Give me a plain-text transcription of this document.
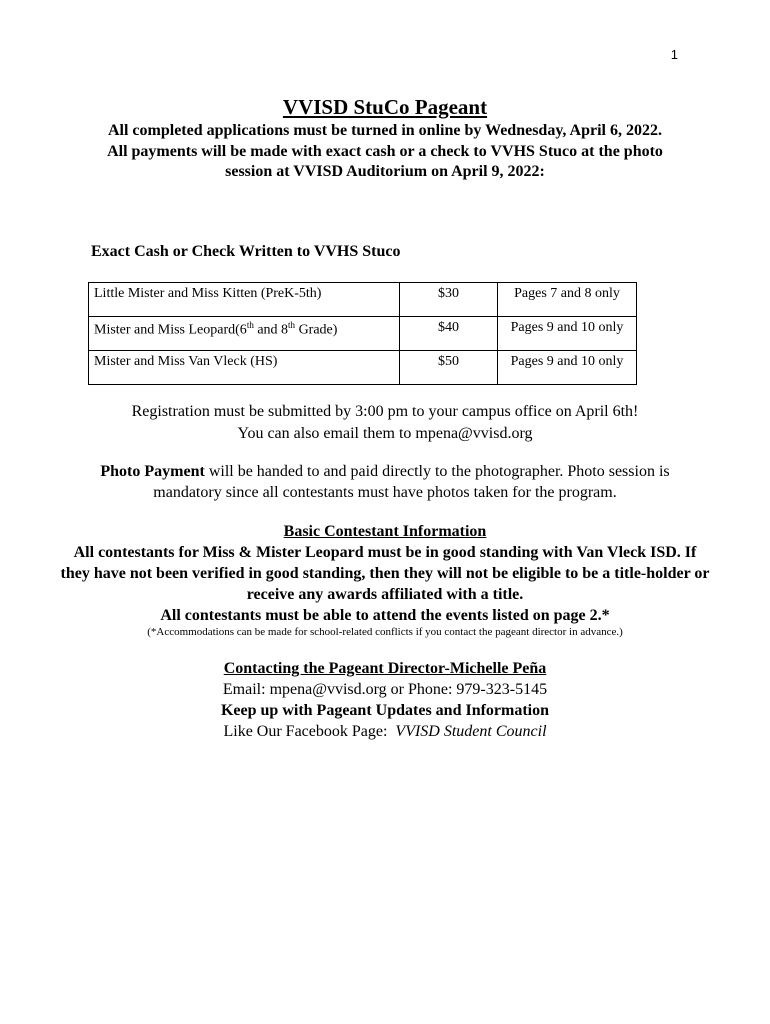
1
VVISD StuCo Pageant
All completed applications must be turned in online by Wednesday, April 6, 2022.
All payments will be made with exact cash or a check to VVHS Stuco at the photo session at VVISD Auditorium on April 9, 2022:
Exact Cash or Check Written to VVHS Stuco
Little Mister and Miss Kitten (PreK-5th)	$30	Pages 7 and 8 only
Mister and Miss Leopard(6th and 8th Grade)	$40	Pages 9 and 10 only
Mister and Miss Van Vleck (HS)	$50	Pages 9 and 10 only
Registration must be submitted by 3:00 pm to your campus office on April 6th!
You can also email them to mpena@vvisd.org
Photo Payment will be handed to and paid directly to the photographer. Photo session is mandatory since all contestants must have photos taken for the program.
Basic Contestant Information
All contestants for Miss & Mister Leopard must be in good standing with Van Vleck ISD. If they have not been verified in good standing, then they will not be eligible to be a title-holder or receive any awards affiliated with a title.
All contestants must be able to attend the events listed on page 2.*
(*Accommodations can be made for school-related conflicts if you contact the pageant director in advance.)
Contacting the Pageant Director-Michelle Peña
Email: mpena@vvisd.org or Phone: 979-323-5145
Keep up with Pageant Updates and Information
Like Our Facebook Page:  VVISD Student Council
